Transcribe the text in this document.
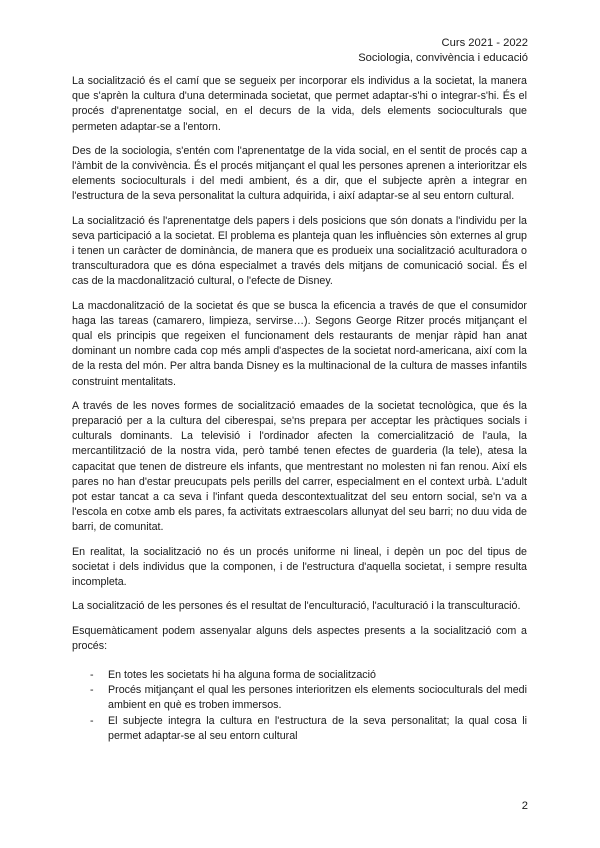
Curs 2021 - 2022
Sociologia, convivència i educació

La socialització és el camí que se segueix per incorporar els individus a la societat, la manera que s'aprèn la cultura d'una determinada societat, que permet adaptar-s'hi o integrar-s'hi. És el procés d'aprenentatge social, en el decurs de la vida, dels elements socioculturals que permeten adaptar-se a l'entorn.

Des de la sociologia, s'entén com l'aprenentatge de la vida social, en el sentit de procés cap a l'àmbit de la convivència. És el procés mitjançant el qual les persones aprenen a interioritzar els elements socioculturals i del medi ambient, és a dir, que el subjecte aprèn a integrar en l'estructura de la seva personalitat la cultura adquirida, i així adaptar-se al seu entorn cultural.

La socialització és l'aprenentatge dels papers i dels posicions que són donats a l'individu per la seva participació a la societat. El problema es planteja quan les influències sòn externes al grup i tenen un caràcter de dominància, de manera que es produeix una socialització aculturadora o transculturadora que es dóna especialmet a través dels mitjans de comunicació social. És el cas de la macdonalització cultural, o l'efecte de Disney.

La macdonalització de la societat és que se busca la eficencia a través de que el consumidor haga las tareas (camarero, limpieza, servirse…). Segons George Ritzer procés mitjançant el qual els principis que regeixen el funcionament dels restaurants de menjar ràpid han anat dominant un nombre cada cop més ampli d'aspectes de la societat nord-americana, així com la de la resta del món. Per altra banda Disney es la multinacional de la cultura de masses infantils construint mentalitats.

A través de les noves formes de socialització emaades de la societat tecnològica, que és la preparació per a la cultura del ciberespai, se'ns prepara per acceptar les pràctiques socials i culturals dominants. La televisió i l'ordinador afecten la comercialització de l'aula, la mercantilització de la nostra vida, però també tenen efectes de guarderia (la tele), atesa la capacitat que tenen de distreure els infants, que mentrestant no molesten ni fan renou. Així els pares no han d'estar preucupats pels perills del carrer, especialment en el context urbà. L'adult pot estar tancat a ca seva i l'infant queda descontextualitzat del seu entorn social, se'n va a l'escola en cotxe amb els pares, fa activitats extraescolars allunyat del seu barri; no duu vida de barri, de comunitat.

En realitat, la socialització no és un procés uniforme ni lineal, i depèn un poc del tipus de societat i dels individus que la componen, i de l'estructura d'aquella societat, i sempre resulta incompleta.

La socialització de les persones és el resultat de l'enculturació, l'aculturació i la transculturació.

Esquemàticament podem assenyalar alguns dels aspectes presents a la socialització com a procés:

- En totes les societats hi ha alguna forma de socialització
- Procés mitjançant el qual les persones interioritzen els elements socioculturals del medi ambient en què es troben immersos.
- El subjecte integra la cultura en l'estructura de la seva personalitat; la qual cosa li permet adaptar-se al seu entorn cultural
2
